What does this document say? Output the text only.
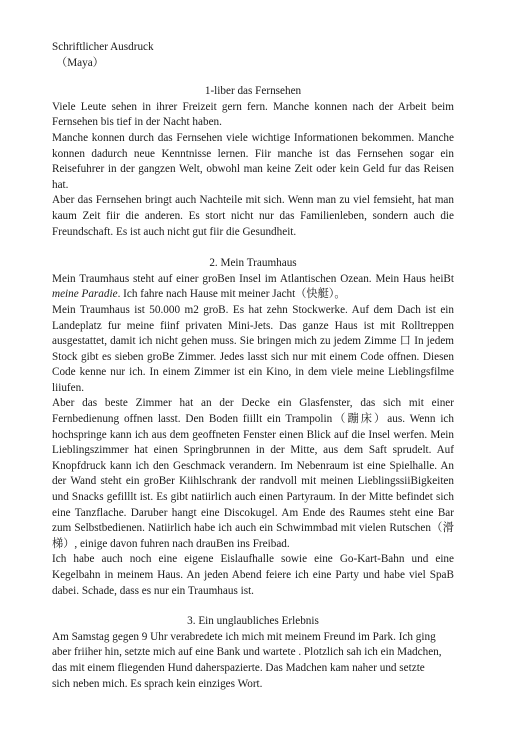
Schriftlicher Ausdruck

（Maya）

1-liber das Fernsehen

Viele Leute sehen in ihrer Freizeit gern fern. Manche konnen nach der Arbeit beim Fernsehen bis tief in der Nacht haben.

Manche konnen durch das Fernsehen viele wichtige Informationen bekommen. Manche konnen dadurch neue Kenntnisse lernen. Fiir manche ist das Fernsehen sogar ein Reisefuhrer in der gangzen Welt, obwohl man keine Zeit oder kein Geld fur das Reisen hat.

Aber das Fernsehen bringt auch Nachteile mit sich. Wenn man zu viel femsieht, hat man kaum Zeit fiir die anderen. Es stort nicht nur das Familienleben, sondern auch die Freundschaft. Es ist auch nicht gut fiir die Gesundheit.

2. Mein Traumhaus

Mein Traumhaus steht auf einer groBen Insel im Atlantischen Ozean. Mein Haus heiBt meine Paradie. Ich fahre nach Hause mit meiner Jacht（快艇）。

Mein Traumhaus ist 50.000 m2 groB. Es hat zehn Stockwerke. Auf dem Dach ist ein Landeplatz fur meine fiinf privaten Mini-Jets. Das ganze Haus ist mit Rolltreppen ausgestattet, damit ich nicht gehen muss. Sie bringen mich zu jedem Zimme 口 In jedem Stock gibt es sieben groBe Zimmer. Jedes lasst sich nur mit einem Code offnen. Diesen Code kenne nur ich. In einem Zimmer ist ein Kino, in dem viele meine Lieblingsfilme liiufen.

Aber das beste Zimmer hat an der Decke ein Glasfenster, das sich mit einer Fernbedienung offnen lasst. Den Boden fiillt ein Trampolin（蹦床）aus. Wenn ich hochspringe kann ich aus dem geoffneten Fenster einen Blick auf die Insel werfen. Mein Lieblingszimmer hat einen Springbrunnen in der Mitte, aus dem Saft sprudelt. Auf Knopfdruck kann ich den Geschmack verandern. Im Nebenraum ist eine Spielhalle. An der Wand steht ein groBer Kiihlschrank der randvoll mit meinen LieblingssiiBigkeiten und Snacks gefilllt ist. Es gibt natiirlich auch einen Partyraum. In der Mitte befindet sich eine Tanzflache. Daruber hangt eine Discokugel. Am Ende des Raumes steht eine Bar zum Selbstbedienen. Natiirlich habe ich auch ein Schwimmbad mit vielen Rutschen（滑梯）, einige davon fuhren nach drauBen ins Freibad.

Ich habe auch noch eine eigene Eislaufhalle sowie eine Go-Kart-Bahn und eine Kegelbahn in meinem Haus. An jeden Abend feiere ich eine Party und habe viel SpaB dabei. Schade, dass es nur ein Traumhaus ist.

3. Ein unglaubliches Erlebnis

Am Samstag gegen 9 Uhr verabredete ich mich mit meinem Freund im Park. Ich ging

aber friiher hin, setzte mich auf eine Bank und wartete . Plotzlich sah ich ein Madchen,

das mit einem fliegenden Hund daherspazierte. Das Madchen kam naher und setzte

sich neben mich. Es sprach kein einziges Wort.
